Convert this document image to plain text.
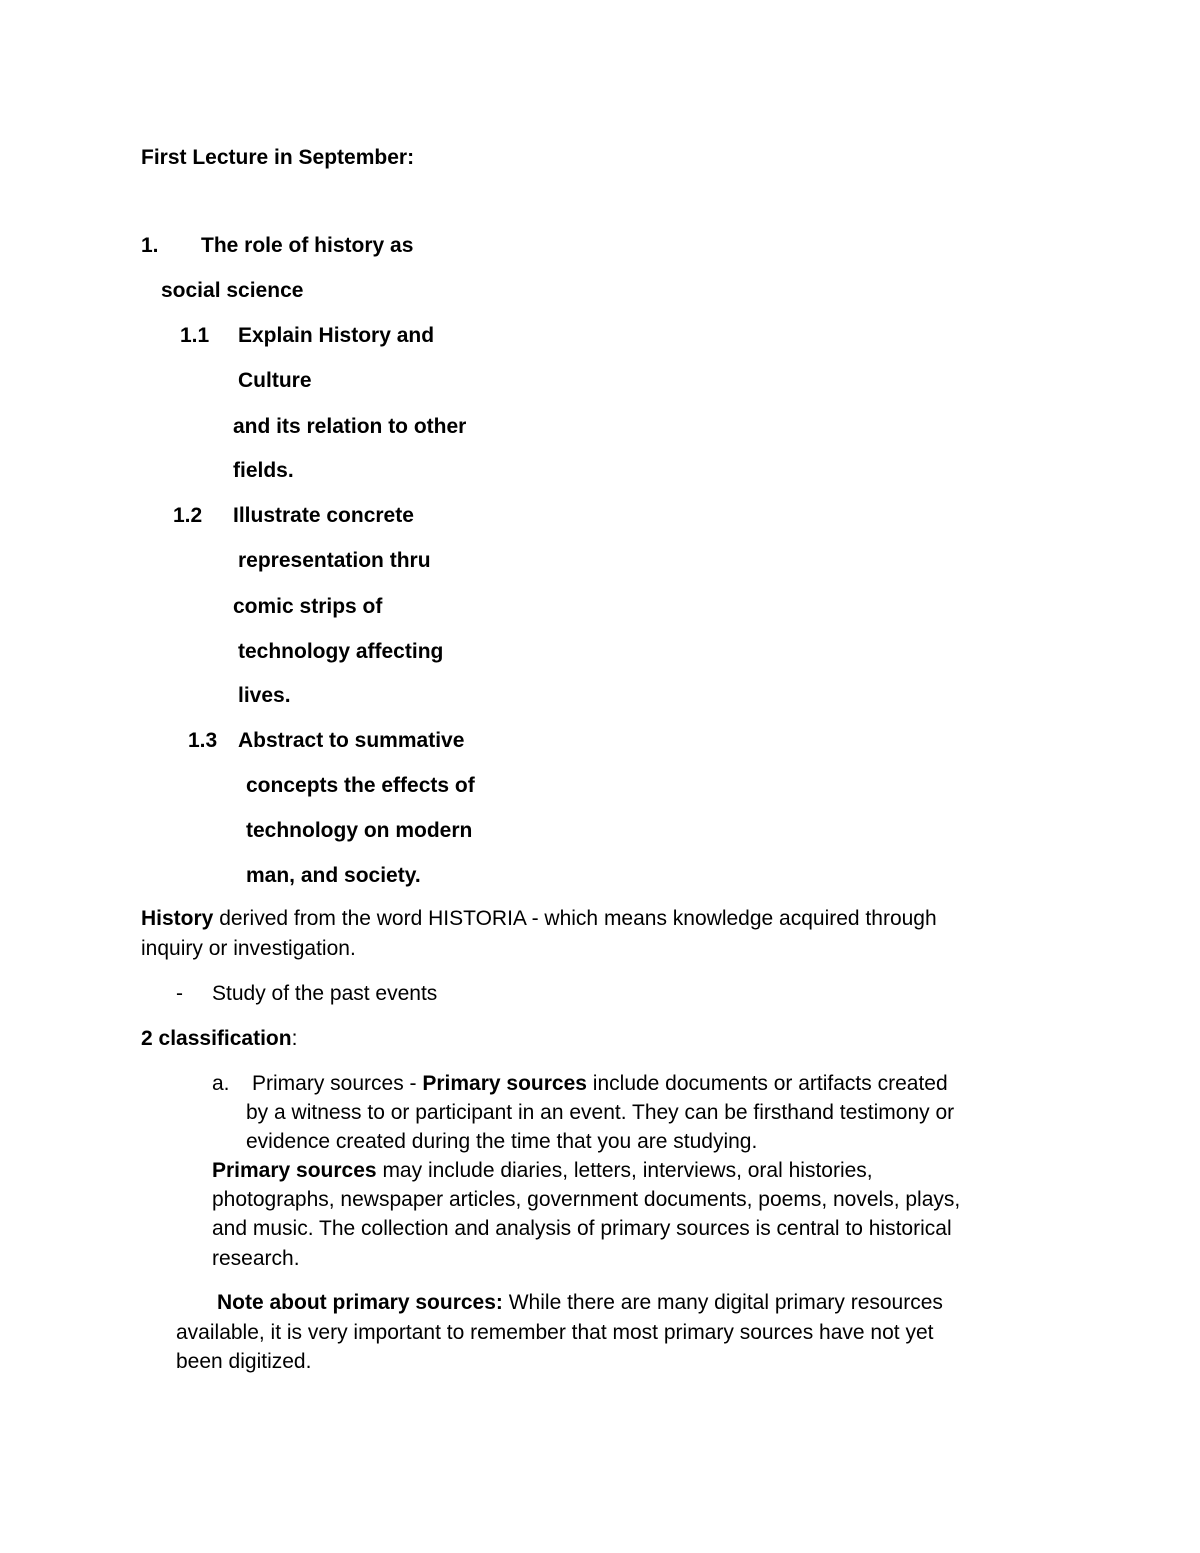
First Lecture in September:
1. The role of history as
social science
1.1 Explain History and
Culture
and its relation to other
fields.
1.2 Illustrate concrete
representation thru
comic strips of
technology affecting
lives.
1.3 Abstract to summative
concepts the effects of
technology on modern
man, and society.
History derived from the word HISTORIA - which means knowledge acquired through
inquiry or investigation.
- Study of the past events
2 classification:
a. Primary sources - Primary sources include documents or artifacts created
by a witness to or participant in an event. They can be firsthand testimony or
evidence created during the time that you are studying.
Primary sources may include diaries, letters, interviews, oral histories,
photographs, newspaper articles, government documents, poems, novels, plays,
and music. The collection and analysis of primary sources is central to historical
research.
Note about primary sources: While there are many digital primary resources
available, it is very important to remember that most primary sources have not yet
been digitized.
